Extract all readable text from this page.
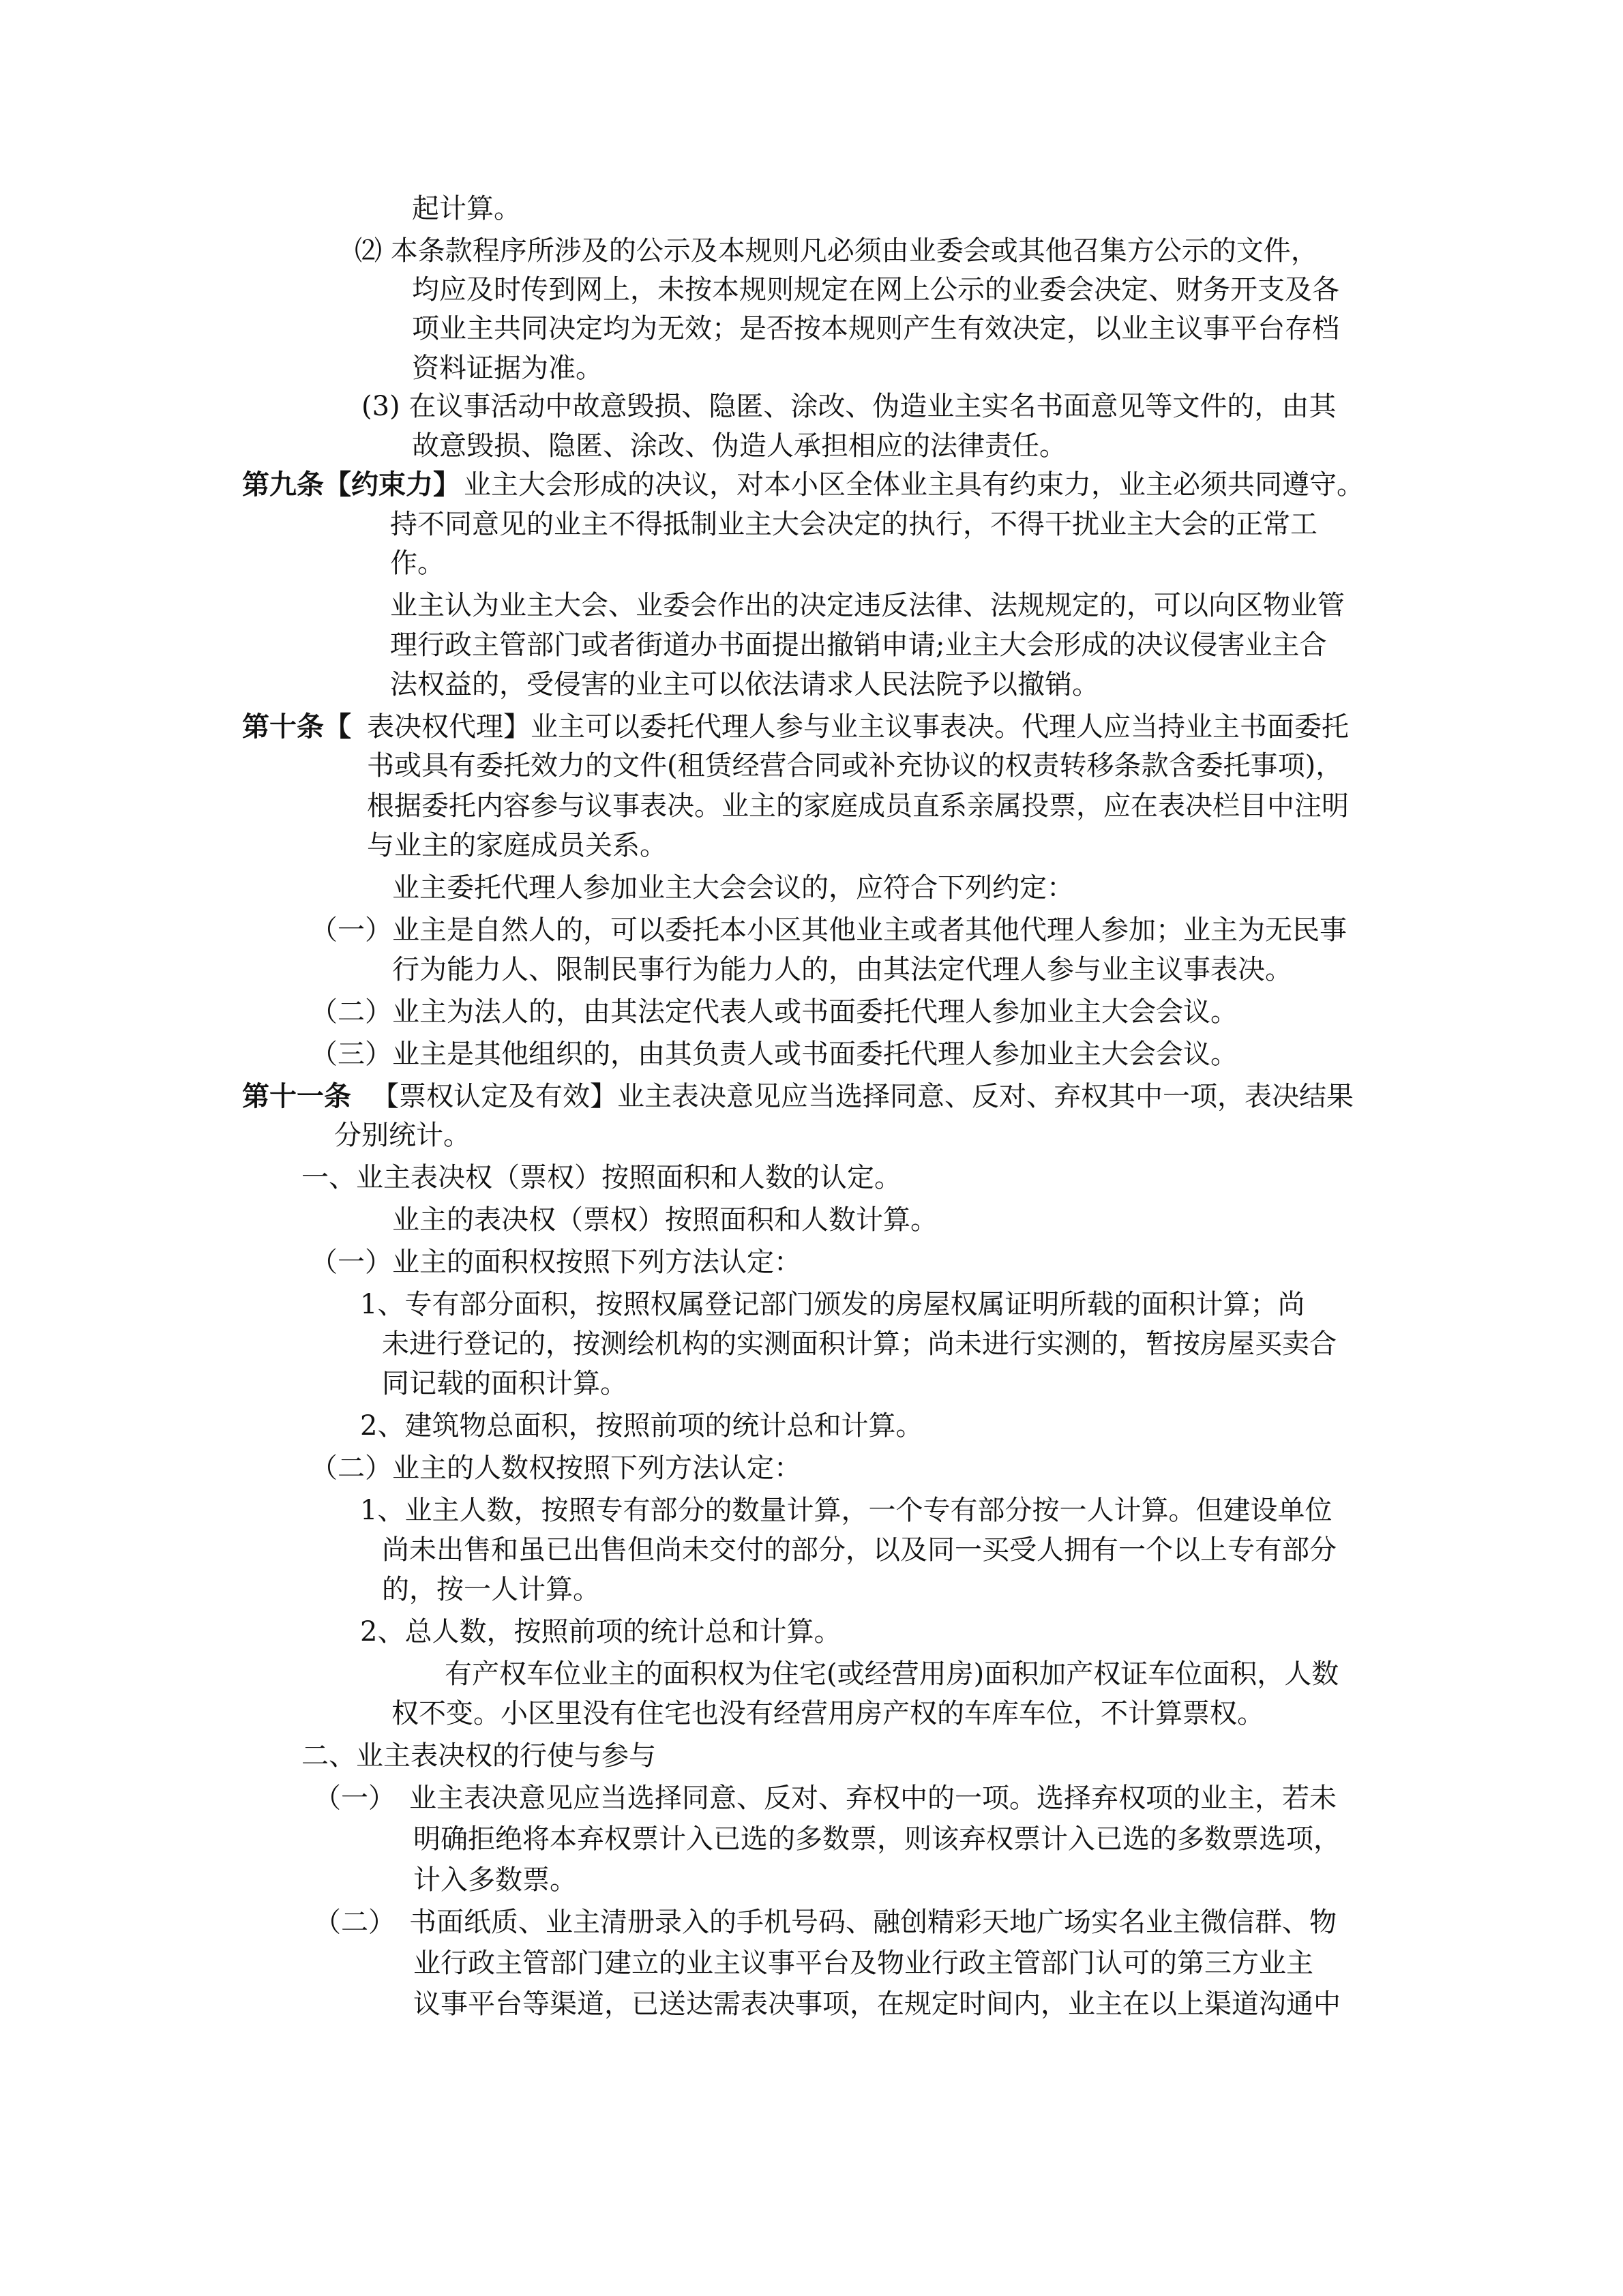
起计算。
⑵ 本条款程序所涉及的公示及本规则凡必须由业委会或其他召集方公示的文件，
均应及时传到网上，未按本规则规定在网上公示的业委会决定、财务开支及各
项业主共同决定均为无效；是否按本规则产生有效决定，以业主议事平台存档
资料证据为准。
(3) 在议事活动中故意毁损、隐匿、涂改、伪造业主实名书面意见等文件的，由其
故意毁损、隐匿、涂改、伪造人承担相应的法律责任。
第九条【约束力】 业主大会形成的决议，对本小区全体业主具有约束力，业主必须共同遵守。
持不同意见的业主不得抵制业主大会决定的执行，不得干扰业主大会的正常工
作。
业主认为业主大会、业委会作出的决定违反法律、法规规定的，可以向区物业管
理行政主管部门或者街道办书面提出撤销申请;业主大会形成的决议侵害业主合
法权益的，受侵害的业主可以依法请求人民法院予以撤销。
第十条【 表决权代理】业主可以委托代理人参与业主议事表决。代理人应当持业主书面委托
书或具有委托效力的文件(租赁经营合同或补充协议的权责转移条款含委托事项)，
根据委托内容参与议事表决。业主的家庭成员直系亲属投票，应在表决栏目中注明
与业主的家庭成员关系。
业主委托代理人参加业主大会会议的，应符合下列约定：
（一）业主是自然人的，可以委托本小区其他业主或者其他代理人参加；业主为无民事
行为能力人、限制民事行为能力人的，由其法定代理人参与业主议事表决。
（二）业主为法人的，由其法定代表人或书面委托代理人参加业主大会会议。
（三）业主是其他组织的，由其负责人或书面委托代理人参加业主大会会议。
第十一条 【票权认定及有效】业主表决意见应当选择同意、反对、弃权其中一项，表决结果
分别统计。
一、业主表决权（票权）按照面积和人数的认定。
业主的表决权（票权）按照面积和人数计算。
（一）业主的面积权按照下列方法认定：
1、专有部分面积，按照权属登记部门颁发的房屋权属证明所载的面积计算；尚
未进行登记的，按测绘机构的实测面积计算；尚未进行实测的，暂按房屋买卖合
同记载的面积计算。
2、建筑物总面积，按照前项的统计总和计算。
（二）业主的人数权按照下列方法认定：
1、业主人数，按照专有部分的数量计算，一个专有部分按一人计算。但建设单位
尚未出售和虽已出售但尚未交付的部分，以及同一买受人拥有一个以上专有部分
的，按一人计算。
2、总人数，按照前项的统计总和计算。
有产权车位业主的面积权为住宅(或经营用房)面积加产权证车位面积，人数
权不变。小区里没有住宅也没有经营用房产权的车库车位，不计算票权。
二、业主表决权的行使与参与
（一）　业主表决意见应当选择同意、反对、弃权中的一项。选择弃权项的业主，若未
明确拒绝将本弃权票计入已选的多数票，则该弃权票计入已选的多数票选项，
计入多数票。
（二）　书面纸质、业主清册录入的手机号码、融创精彩天地广场实名业主微信群、物
业行政主管部门建立的业主议事平台及物业行政主管部门认可的第三方业主
议事平台等渠道，已送达需表决事项，在规定时间内，业主在以上渠道沟通中
